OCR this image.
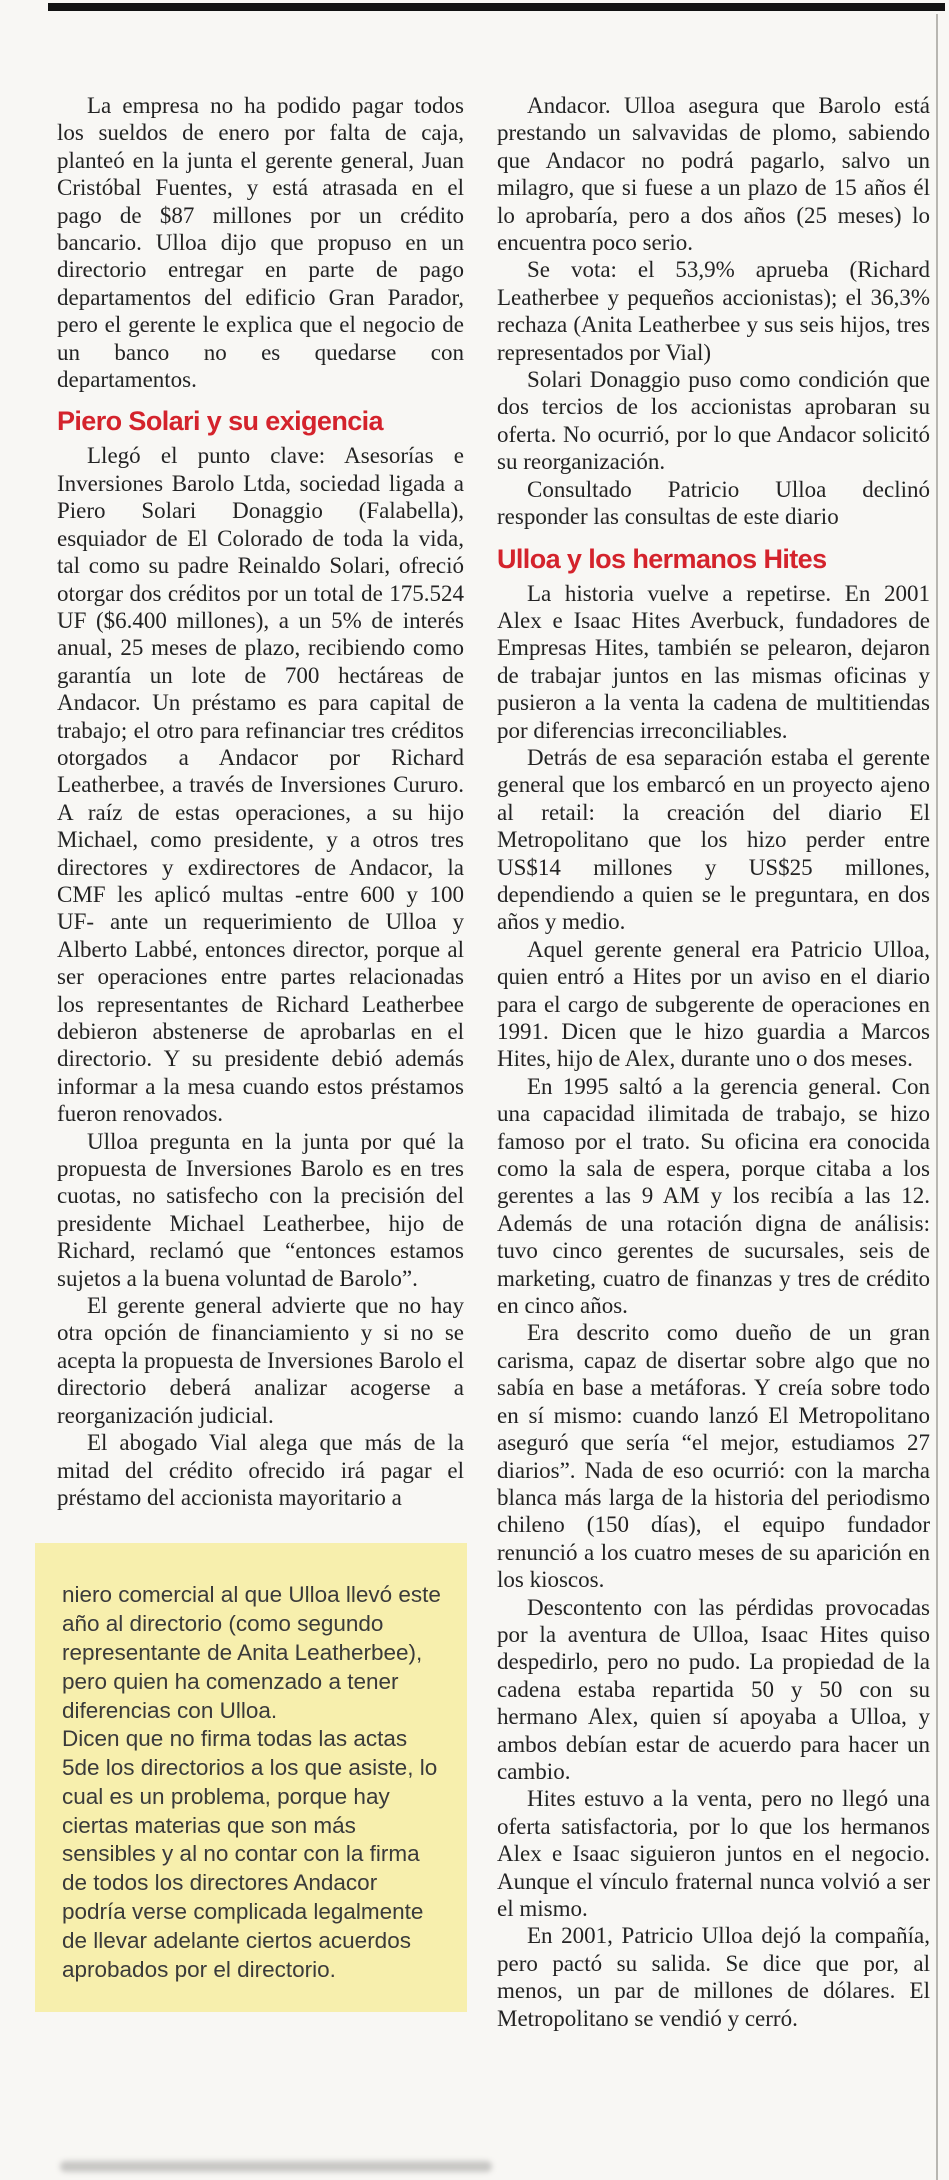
La empresa no ha podido pagar todos los sueldos de enero por falta de caja, planteó en la junta el gerente general, Juan Cristóbal Fuentes, y está atrasada en el pago de $87 millones por un crédito bancario. Ulloa dijo que propuso en un directorio entregar en parte de pago departamentos del edificio Gran Parador, pero el gerente le explica que el negocio de un banco no es quedarse con departamentos.

Piero Solari y su exigencia

Llegó el punto clave: Asesorías e Inversiones Barolo Ltda, sociedad ligada a Piero Solari Donaggio (Falabella), esquiador de El Colorado de toda la vida, tal como su padre Reinaldo Solari, ofreció otorgar dos créditos por un total de 175.524 UF ($6.400 millones), a un 5% de interés anual, 25 meses de plazo, recibiendo como garantía un lote de 700 hectáreas de Andacor. Un préstamo es para capital de trabajo; el otro para refinanciar tres créditos otorgados a Andacor por Richard Leatherbee, a través de Inversiones Cururo. A raíz de estas operaciones, a su hijo Michael, como presidente, y a otros tres directores y exdirectores de Andacor, la CMF les aplicó multas -entre 600 y 100 UF- ante un requerimiento de Ulloa y Alberto Labbé, entonces director, porque al ser operaciones entre partes relacionadas los representantes de Richard Leatherbee debieron abstenerse de aprobarlas en el directorio. Y su presidente debió además informar a la mesa cuando estos préstamos fueron renovados.

Ulloa pregunta en la junta por qué la propuesta de Inversiones Barolo es en tres cuotas, no satisfecho con la precisión del presidente Michael Leatherbee, hijo de Richard, reclamó que “entonces estamos sujetos a la buena voluntad de Barolo”.

El gerente general advierte que no hay otra opción de financiamiento y si no se acepta la propuesta de Inversiones Barolo el directorio deberá analizar acogerse a reorganización judicial.

El abogado Vial alega que más de la mitad del crédito ofrecido irá pagar el préstamo del accionista mayoritario a

niero comercial al que Ulloa llevó este año al directorio (como segundo representante de Anita Leatherbee), pero quien ha comenzado a tener diferencias con Ulloa.

Dicen que no firma todas las actas 5de los directorios a los que asiste, lo cual es un problema, porque hay ciertas materias que son más sensibles y al no contar con la firma de todos los directores Andacor podría verse complicada legalmente de llevar adelante ciertos acuerdos aprobados por el directorio.

Andacor. Ulloa asegura que Barolo está prestando un salvavidas de plomo, sabiendo que Andacor no podrá pagarlo, salvo un milagro, que si fuese a un plazo de 15 años él lo aprobaría, pero a dos años (25 meses) lo encuentra poco serio.

Se vota: el 53,9% aprueba (Richard Leatherbee y pequeños accionistas); el 36,3% rechaza (Anita Leatherbee y sus seis hijos, tres representados por Vial)

Solari Donaggio puso como condición que dos tercios de los accionistas aprobaran su oferta. No ocurrió, por lo que Andacor solicitó su reorganización.

Consultado Patricio Ulloa declinó responder las consultas de este diario

Ulloa y los hermanos Hites

La historia vuelve a repetirse. En 2001 Alex e Isaac Hites Averbuck, fundadores de Empresas Hites, también se pelearon, dejaron de trabajar juntos en las mismas oficinas y pusieron a la venta la cadena de multitiendas por diferencias irreconciliables.

Detrás de esa separación estaba el gerente general que los embarcó en un proyecto ajeno al retail: la creación del diario El Metropolitano que los hizo perder entre US$14 millones y US$25 millones, dependiendo a quien se le preguntara, en dos años y medio.

Aquel gerente general era Patricio Ulloa, quien entró a Hites por un aviso en el diario para el cargo de subgerente de operaciones en 1991. Dicen que le hizo guardia a Marcos Hites, hijo de Alex, durante uno o dos meses.

En 1995 saltó a la gerencia general. Con una capacidad ilimitada de trabajo, se hizo famoso por el trato. Su oficina era conocida como la sala de espera, porque citaba a los gerentes a las 9 AM y los recibía a las 12. Además de una rotación digna de análisis: tuvo cinco gerentes de sucursales, seis de marketing, cuatro de finanzas y tres de crédito en cinco años.

Era descrito como dueño de un gran carisma, capaz de disertar sobre algo que no sabía en base a metáforas. Y creía sobre todo en sí mismo: cuando lanzó El Metropolitano aseguró que sería “el mejor, estudiamos 27 diarios”. Nada de eso ocurrió: con la marcha blanca más larga de la historia del periodismo chileno (150 días), el equipo fundador renunció a los cuatro meses de su aparición en los kioscos.

Descontento con las pérdidas provocadas por la aventura de Ulloa, Isaac Hites quiso despedirlo, pero no pudo. La propiedad de la cadena estaba repartida 50 y 50 con su hermano Alex, quien sí apoyaba a Ulloa, y ambos debían estar de acuerdo para hacer un cambio.

Hites estuvo a la venta, pero no llegó una oferta satisfactoria, por lo que los hermanos Alex e Isaac siguieron juntos en el negocio. Aunque el vínculo fraternal nunca volvió a ser el mismo.

En 2001, Patricio Ulloa dejó la compañía, pero pactó su salida. Se dice que por, al menos, un par de millones de dólares. El Metropolitano se vendió y cerró.
